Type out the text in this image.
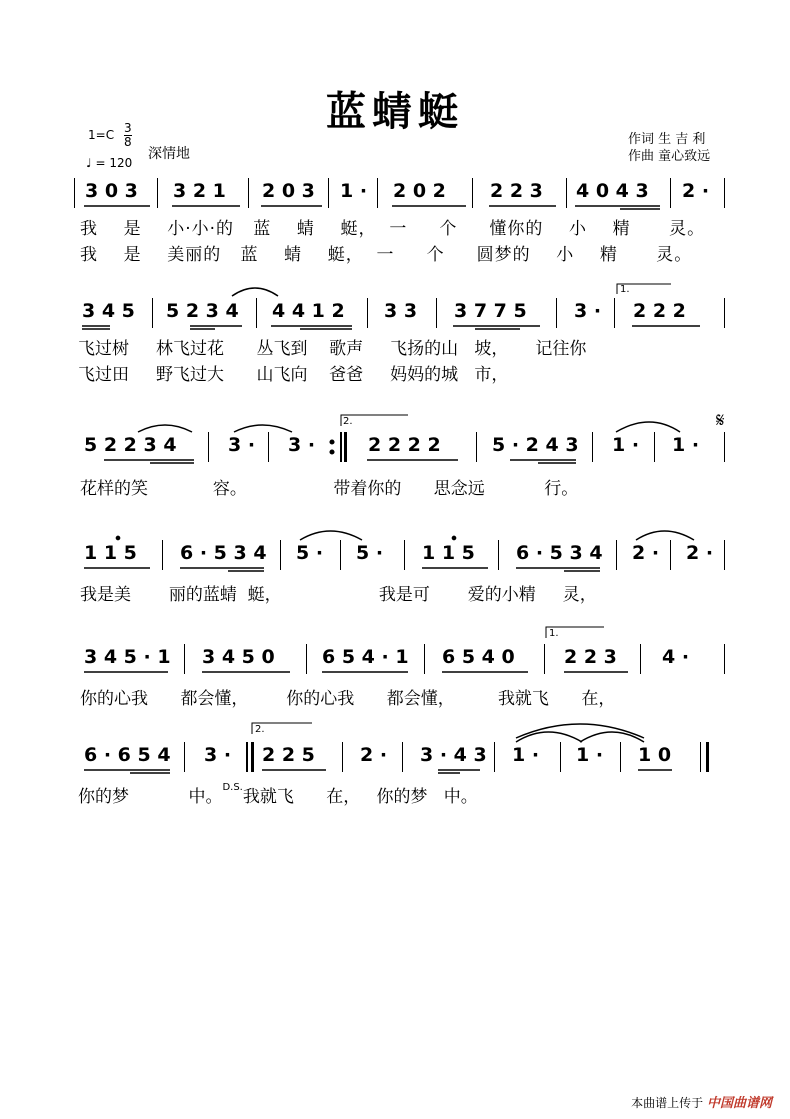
蓝蜻蜓
1=C 3
8
♩ = 120
深情地
作词 生 吉 利
作曲 童心致远
3 0 3 3 2 1 2 0 3 1 · 2 0 2 2 2 3 4 0 4 3 2 ·
我 是 小·小·的 蓝 蜻 蜓， 一 个 懂你的 小 精 灵。
我 是 美丽的 蓝 蜻 蜓， 一 个 圆梦的 小 精 灵。
3 4 5 5 2 3 4 4 4 1 2 3 3 3 7 7 5 3 · 2 2 2
1.
飞过树 林飞过花 丛飞到 歌声 飞扬的山 坡， 记往你
飞过田 野飞过大 山飞向 爸爸 妈妈的城 市，
5 2 2 3 4	3 · 3 ·	2 2 2 2	5 · 2 4 3 1 · 1 ·
2.	𝄋
花样的笑	容。	带着你的 思念远	行。
1 1 5 6 · 5 3 4 5 · 5 · 1 1 5 6 · 5 3 4 2 · 2 ·
我是美 丽的蓝蜻 蜓，	我是可 爱的小精 灵，
3 4 5 · 1 3 4 5 0 6 5 4 · 1 6 5 4 0	2 2 3 4 ·
1.
你的心我 都会懂， 你的心我 都会懂，	我就飞 在，
6 · 6 5 4 3 · 2 2 5 2 · 3 · 4 3 1 · 1 · 1 0
2.
你的梦	中。$^{D.S.}$我就飞 在， 你的梦 中。
本曲谱上传于 中国曲谱网
